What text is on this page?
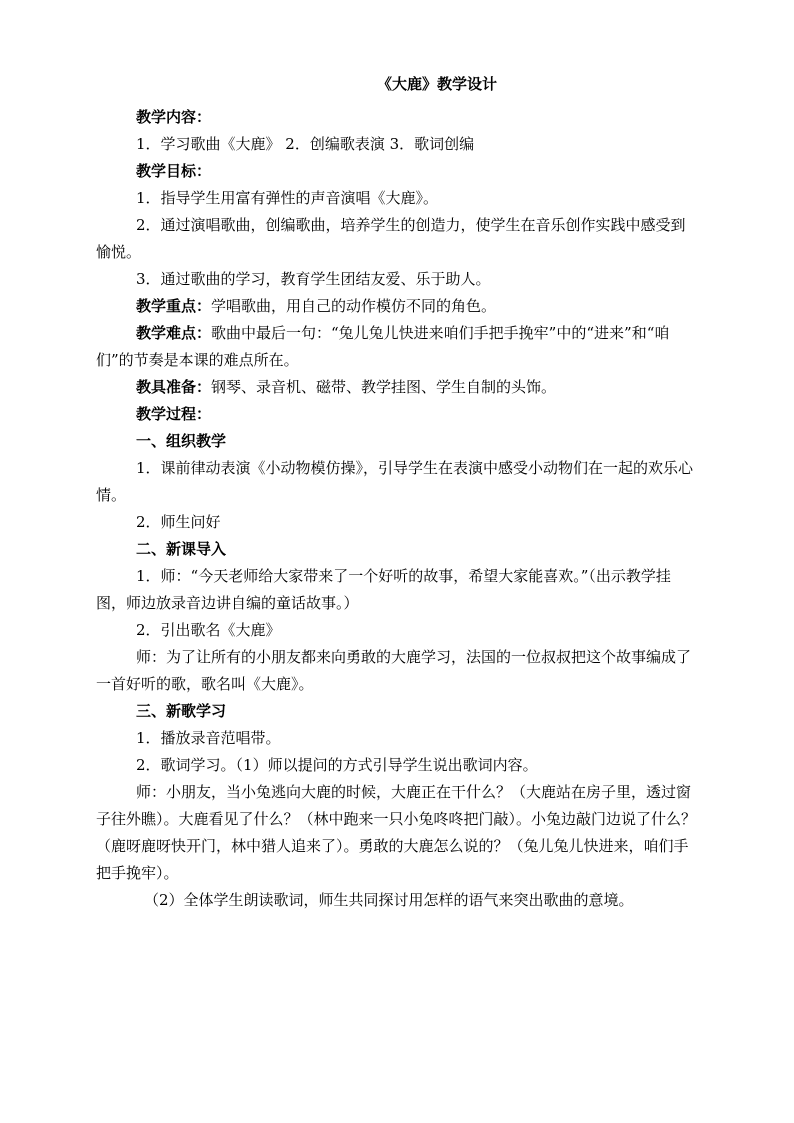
《大鹿》教学设计

教学内容：

1．学习歌曲《大鹿》 2．创编歌表演 3．歌词创编

教学目标：

1．指导学生用富有弹性的声音演唱《大鹿》。

2．通过演唱歌曲，创编歌曲，培养学生的创造力，使学生在音乐创作实践中感受到愉悦。

3．通过歌曲的学习，教育学生团结友爱、乐于助人。

教学重点：学唱歌曲，用自己的动作模仿不同的角色。

教学难点：歌曲中最后一句：“兔儿兔儿快进来咱们手把手挽牢”中的“进来”和“咱们”的节奏是本课的难点所在。

教具准备：钢琴、录音机、磁带、教学挂图、学生自制的头饰。

教学过程：

一、组织教学

1．课前律动表演《小动物模仿操》，引导学生在表演中感受小动物们在一起的欢乐心情。

2．师生问好

二、新课导入

1．师：“今天老师给大家带来了一个好听的故事，希望大家能喜欢。”（出示教学挂图，师边放录音边讲自编的童话故事。）

2．引出歌名《大鹿》

师：为了让所有的小朋友都来向勇敢的大鹿学习，法国的一位叔叔把这个故事编成了一首好听的歌，歌名叫《大鹿》。

三、新歌学习

1．播放录音范唱带。

2．歌词学习。（1）师以提问的方式引导学生说出歌词内容。

师：小朋友，当小兔逃向大鹿的时候，大鹿正在干什么？（大鹿站在房子里，透过窗子往外瞧）。大鹿看见了什么？（林中跑来一只小兔咚咚把门敲）。小兔边敲门边说了什么？（鹿呀鹿呀快开门，林中猎人追来了）。勇敢的大鹿怎么说的？（兔儿兔儿快进来，咱们手把手挽牢）。

（2）全体学生朗读歌词，师生共同探讨用怎样的语气来突出歌曲的意境。
